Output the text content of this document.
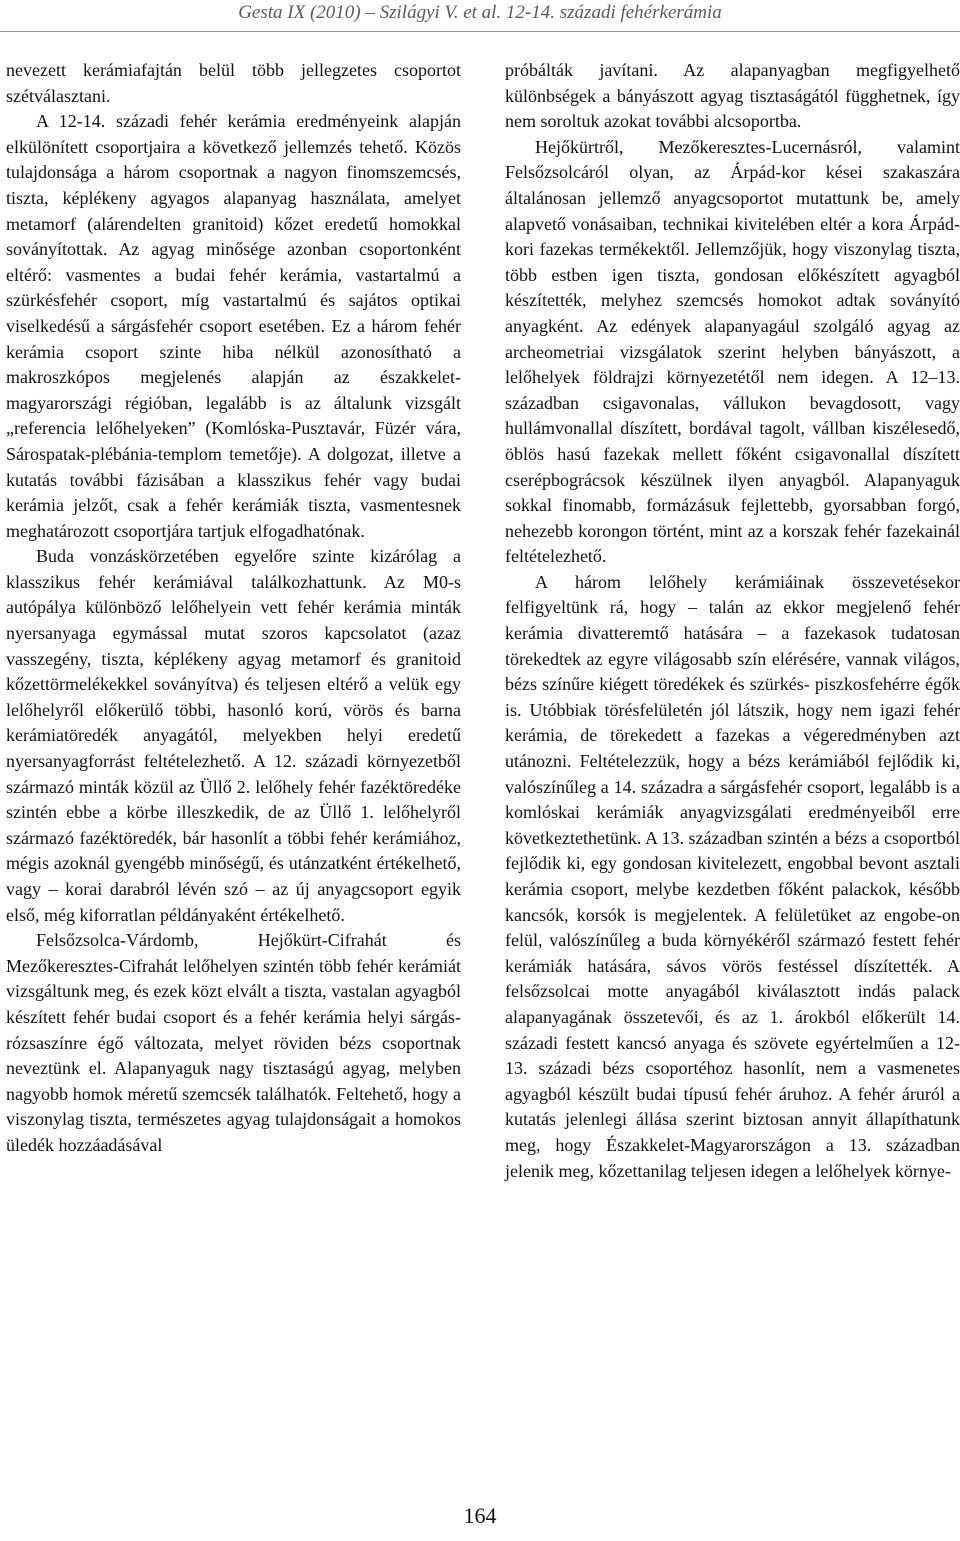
Gesta IX (2010) – Szilágyi V. et al. 12-14. századi fehérkerámia

nevezett kerámiafajtán belül több jellegzetes csoportot szétválasztani.

A 12-14. századi fehér kerámia eredményeink alapján elkülönített csoportjaira a következő jellemzés tehető. Közös tulajdonsága a három csoportnak a nagyon finomszemcsés, tiszta, képlékeny agyagos alapanyag használata, amelyet metamorf (alárendelten granitoid) kőzet eredetű homokkal soványítottak. Az agyag minősége azonban csoportonként eltérő: vasmentes a budai fehér kerámia, vastartalmú a szürkésfehér csoport, míg vastartalmú és sajátos optikai viselkedésű a sárgásfehér csoport esetében. Ez a három fehér kerámia csoport szinte hiba nélkül azonosítható a makroszkópos megjelenés alapján az északkelet-magyarországi régióban, legalább is az általunk vizsgált „referencia lelőhelyeken” (Komlóska-Pusztavár, Füzér vára, Sárospatak-plébánia-templom temetője). A dolgozat, illetve a kutatás további fázisában a klasszikus fehér vagy budai kerámia jelzőt, csak a fehér kerámiák tiszta, vasmentesnek meghatározott csoportjára tartjuk elfogadhatónak.

Buda vonzáskörzetében egyelőre szinte kizárólag a klasszikus fehér kerámiával találkozhattunk. Az M0-s autópálya különböző lelőhelyein vett fehér kerámia minták nyersanyaga egymással mutat szoros kapcsolatot (azaz vasszegény, tiszta, képlékeny agyag metamorf és granitoid kőzettörmelékekkel soványítva) és teljesen eltérő a velük egy lelőhelyről előkerülő többi, hasonló korú, vörös és barna kerámiatöredék anyagától, melyekben helyi eredetű nyersanyagforrást feltételezhető. A 12. századi környezetből származó minták közül az Üllő 2. lelőhely fehér fazéktöredéke szintén ebbe a körbe illeszkedik, de az Üllő 1. lelőhelyről származó fazéktöredék, bár hasonlít a többi fehér kerámiához, mégis azoknál gyengébb minőségű, és utánzatként értékelhető, vagy – korai darabról lévén szó – az új anyagcsoport egyik első, még kiforratlan példányaként értékelhető.

Felsőzsolca-Várdomb, Hejőkürt-Cifrahát és Mezőkeresztes-Cifrahát lelőhelyen szintén több fehér kerámiát vizsgáltunk meg, és ezek közt elvált a tiszta, vastalan agyagból készített fehér budai csoport és a fehér kerámia helyi sárgás-rózsaszínre égő változata, melyet röviden bézs csoportnak neveztünk el. Alapanyaguk nagy tisztaságú agyag, melyben nagyobb homok méretű szemcsék találhatók. Feltehető, hogy a viszonylag tiszta, természetes agyag tulajdonságait a homokos üledék hozzáadásával

próbálták javítani. Az alapanyagban megfigyelhető különbségek a bányászott agyag tisztaságától függhetnek, így nem soroltuk azokat további alcsoportba.

Hejőkürtről, Mezőkeresztes-Lucernásról, valamint Felsőzsolcáról olyan, az Árpád-kor kései szakaszára általánosan jellemző anyagcsoportot mutattunk be, amely alapvető vonásaiban, technikai kivitelében eltér a kora Árpád-kori fazekas termékektől. Jellemzőjük, hogy viszonylag tiszta, több estben igen tiszta, gondosan előkészített agyagból készítették, melyhez szemcsés homokot adtak soványító anyagként. Az edények alapanyagául szolgáló agyag az archeometriai vizsgálatok szerint helyben bányászott, a lelőhelyek földrajzi környezetétől nem idegen. A 12–13. században csigavonalas, vállukon bevagdosott, vagy hullámvonallal díszített, bordával tagolt, vállban kiszélesedő, öblös hasú fazekak mellett főként csigavonallal díszített cserépbográcsok készülnek ilyen anyagból. Alapanyaguk sokkal finomabb, formázásuk fejlettebb, gyorsabban forgó, nehezebb korongon történt, mint az a korszak fehér fazekainál feltételezhető.

A három lelőhely kerámiáinak összevetésekor felfigyeltünk rá, hogy – talán az ekkor megjelenő fehér kerámia divatteremtő hatására – a fazekasok tudatosan törekedtek az egyre világosabb szín elérésére, vannak világos, bézs színűre kiégett töredékek és szürkés- piszkosfehérre égők is. Utóbbiak törésfelületén jól látszik, hogy nem igazi fehér kerámia, de törekedett a fazekas a végeredményben azt utánozni. Feltételezzük, hogy a bézs kerámiából fejlődik ki, valószínűleg a 14. századra a sárgásfehér csoport, legalább is a komlóskai kerámiák anyagvizsgálati eredményeiből erre következtethetünk. A 13. században szintén a bézs a csoportból fejlődik ki, egy gondosan kivitelezett, engobbal bevont asztali kerámia csoport, melybe kezdetben főként palackok, később kancsók, korsók is megjelentek. A felületüket az engobe-on felül, valószínűleg a buda környékéről származó festett fehér kerámiák hatására, sávos vörös festéssel díszítették. A felsőzsolcai motte anyagából kiválasztott indás palack alapanyagának összetevői, és az 1. árokból előkerült 14. századi festett kancsó anyaga és szövete egyértelműen a 12-13. századi bézs csoportéhoz hasonlít, nem a vasmenetes agyagból készült budai típusú fehér áruhoz. A fehér áruról a kutatás jelenlegi állása szerint biztosan annyit állapíthatunk meg, hogy Északkelet-Magyarországon a 13. században jelenik meg, kőzettanilag teljesen idegen a lelőhelyek környe-

164
